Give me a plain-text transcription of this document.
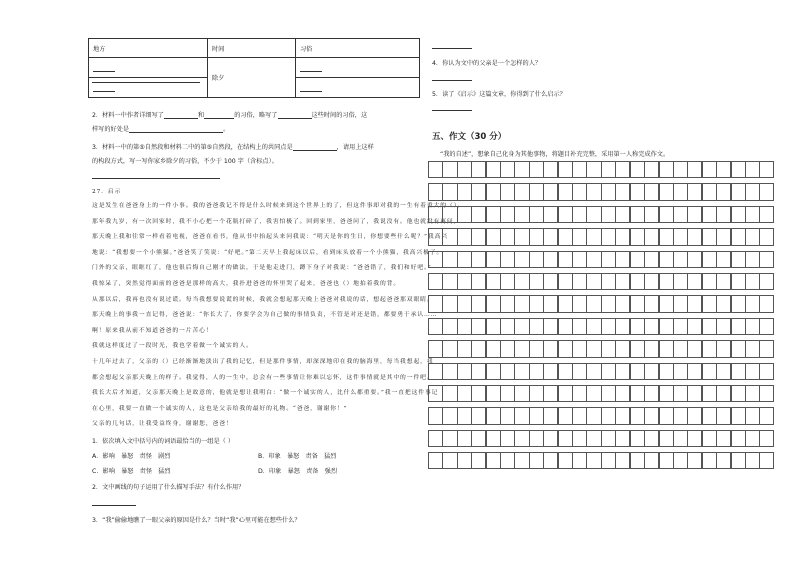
地方	时间	习俗
	除夕	

2．材料一中作者详细写了	和	的习俗，略写了	这些时间的习俗，这
样写的好处是	。
3．材料一中的第⑤自然段和材料二中的第⑤自然段，在结构上的共同点是	，请用上这样
的构段方式，写一写你家乡除夕的习俗，不少于 100 字（含标点）。
27．启示
这是发生在爸爸身上的一件小事。我的爸爸我记不得是什么时候来到这个世界上的了，但这件事却对我的一生有着重大的（）。
那年我九岁，有一次回家时，我不小心把一个花瓶打碎了，我害怕极了。回到家里，爸爸问了，我说没有。他也就没有再问，
那天晚上我和往常一样看着电视，爸爸在看书，他从书中抬起头来问我说：“明天是你的生日，你想要些什么呢？”我高兴
地说：“我想要一个小熊猫。”爸爸笑了笑说：“好吧。”第二天早上我起床以后，看到床头放着一个小熊猫，我高兴极了。
门外的父亲，眼眶红了，他也很后悔自己刚才的做法，于是他走进门，蹲下身子对我说：“爸爸错了，我们和好吧。”
我惊呆了，突然觉得面前的爸爸是那样的高大，我扑进爸爸的怀里哭了起来，爸爸也（）地拍着我的背。
从那以后，我再也没有说过谎。每当我想要说谎的时候，我就会想起那天晚上爸爸对我说的话，想起爸爸那双眼睛。
那天晚上的事我一直记得，爸爸说：“你长大了，你要学会为自己做的事情负责，不管是对还是错，都要勇于承认……
啊！原来我从前不知道爸爸的一片苦心！
我就这样度过了一段时光，我也学着做一个诚实的人。
十几年过去了，父亲的（）已经渐渐地淡出了我的记忆，但是那件事情，却深深地印在我的脑海里，每当我想起，我
都会想起父亲那天晚上的样子。我觉得，人的一生中，总会有一些事情让你难以忘怀，这件事情就是其中的一件吧。
我长大后才知道，父亲那天晚上是故意的，他就是想让我明白：“做一个诚实的人，比什么都重要。”我一直把这件事记
在心里，我要一直做一个诚实的人，这也是父亲给我的最好的礼物。“爸爸，谢谢你！”
父亲的几句话，让我受益终身，谢谢您，爸爸！
1．依次填入文中括号内的词语最恰当的一组是（ ）
A．影响　暴怒　责怪　剧烈	B．印象　暴怒　责备　猛烈
C．影响　暴怒　责怪　猛烈	D．印象　暴怒　责备　强烈
2．文中画线的句子运用了什么描写手法？有什么作用？
3．“我”偷偷地瞧了一眼父亲的原因是什么？当时“我”心里可能在想些什么？
4．你认为文中的父亲是一个怎样的人？
5．读了《启示》这篇文章，你得到了什么启示？
五、作文（30 分）
“我的自述”，想象自己化身为其他事物，将题目补充完整，采用第一人称完成作文。
